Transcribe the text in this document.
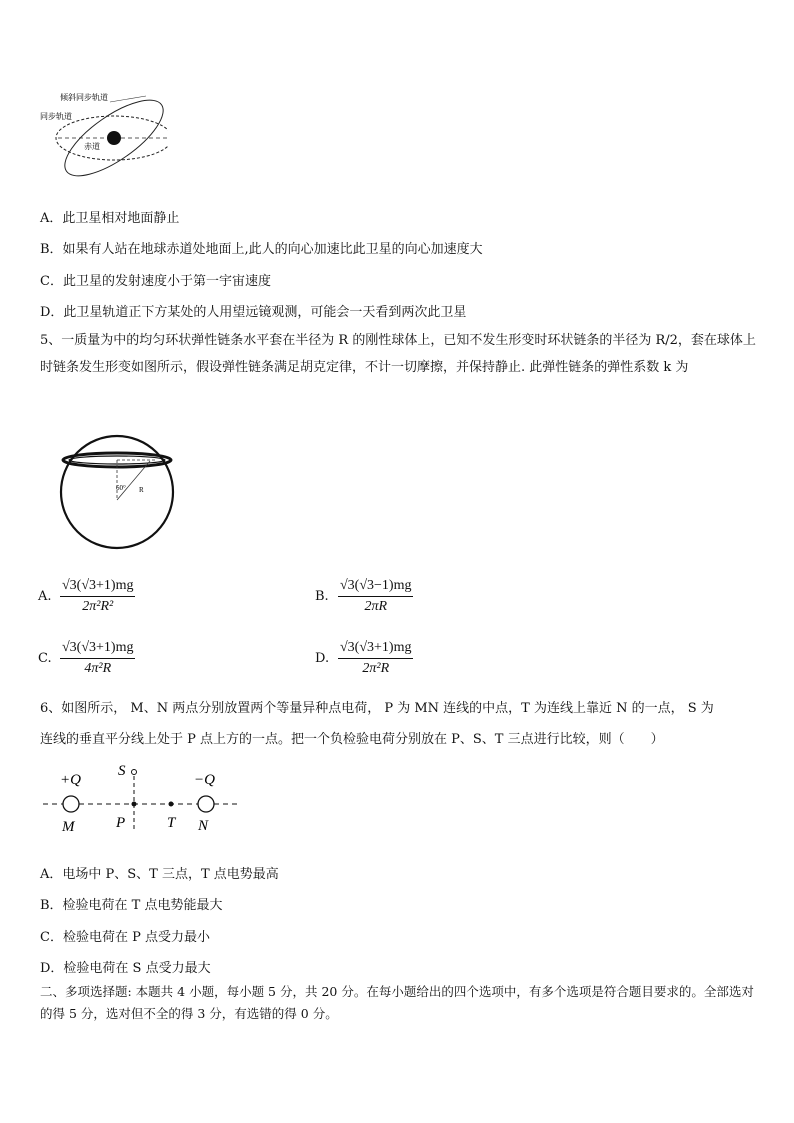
倾斜同步轨道
同步轨道
赤道
A．此卫星相对地面静止
B．如果有人站在地球赤道处地面上,此人的向心加速比此卫星的向心加速度大
C．此卫星的发射速度小于第一宇宙速度
D．此卫星轨道正下方某处的人用望远镜观测，可能会一天看到两次此卫星
5、一质量为中的均匀环状弹性链条水平套在半径为 R 的刚性球体上，已知不发生形变时环状链条的半径为 R/2，套在球体上时链条发生形变如图所示，假设弹性链条满足胡克定律，不计一切摩擦，并保持静止. 此弹性链条的弹性系数 k 为
60° R
A. $\frac{√3(√3+1)mg}{\text{2π²R²}}$	B. $\frac{√3(√3-1)mg}{2\pi R}$
C. $\frac{√3(√3+1)mg}{\text{4π²R}}$	D. $\frac{√3(√3+1)mg}{\text{2π²R}}$
6、如图所示， M、N 两点分别放置两个等量异种点电荷， P 为 MN 连线的中点，T 为连线上靠近 N 的一点， S 为
连线的垂直平分线上处于 P 点上方的一点。把一个负检验电荷分别放在 P、S、T 三点进行比较，则（　　）
+Q	−Q
S
M	P	T N
A．电场中 P、S、T 三点，T 点电势最高
B．检验电荷在 T 点电势能最大
C．检验电荷在 P 点受力最小
D．检验电荷在 S 点受力最大
二、多项选择题: 本题共 4 小题，每小题 5 分，共 20 分。在每小题给出的四个选项中，有多个选项是符合题目要求的。全部选对的得 5 分，选对但不全的得 3 分，有选错的得 0 分。
